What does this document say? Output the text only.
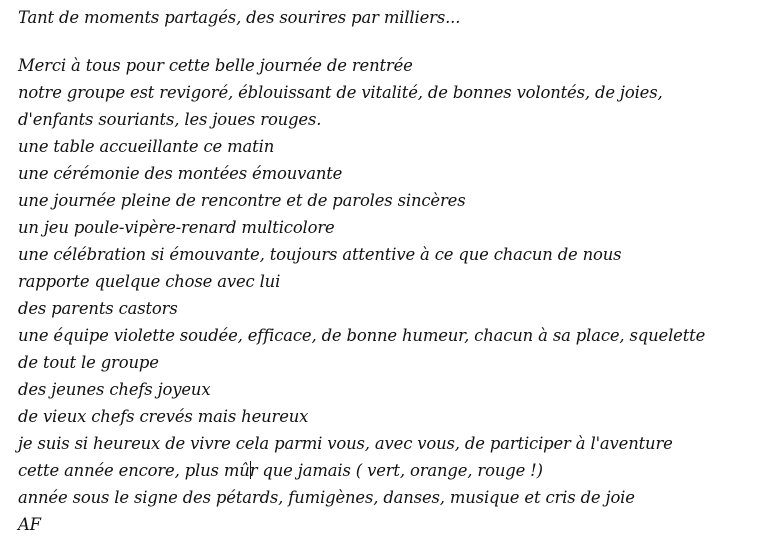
Tant de moments partagés, des sourires par milliers...
Merci à tous pour cette belle journée de rentrée
notre groupe est revigoré, éblouissant de vitalité, de bonnes volontés, de joies,
d'enfants souriants, les joues rouges.
une table accueillante ce matin
une cérémonie des montées émouvante
une journée pleine de rencontre et de paroles sincères
un jeu poule-vipère-renard multicolore
une célébration si émouvante, toujours attentive à ce que chacun de nous
rapporte quelque chose avec lui
des parents castors
une équipe violette soudée, efficace, de bonne humeur, chacun à sa place, squelette
de tout le groupe
des jeunes chefs joyeux
de vieux chefs crevés mais heureux
je suis si heureux de vivre cela parmi vous, avec vous, de participer à l'aventure
cette année encore, plus mûr que jamais ( vert, orange, rouge !)
année sous le signe des pétards, fumigènes, danses, musique et cris de joie
AF
